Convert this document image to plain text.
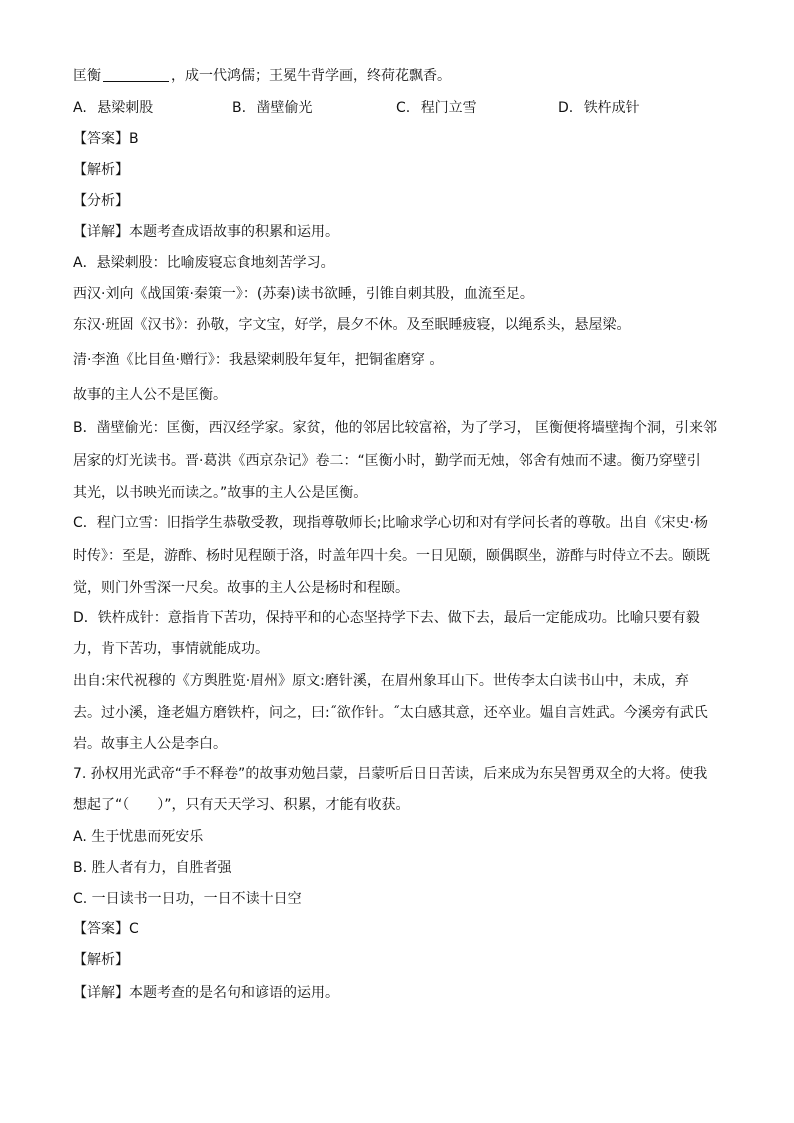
匡衡	，成一代鸿儒；王冕牛背学画，终荷花飘香。
A. 悬梁刺股	B. 凿壁偷光	C. 程门立雪	D. 铁杵成针
【答案】B
【解析】
【分析】
【详解】本题考查成语故事的积累和运用。
A．悬梁刺股：比喻废寝忘食地刻苦学习。
西汉·刘向《战国策·秦策一》：(苏秦)读书欲睡，引锥自刺其股，血流至足。
东汉·班固《汉书》：孙敬，字文宝，好学，晨夕不休。及至眠睡疲寝，以绳系头，悬屋梁。
清·李渔《比目鱼·赠行》：我悬梁刺股年复年，把铜雀磨穿 。
故事的主人公不是匡衡。
B．凿壁偷光：匡衡，西汉经学家。家贫，他的邻居比较富裕，为了学习， 匡衡便将墙壁掏个洞，引来邻
居家的灯光读书。晋·葛洪《西京杂记》卷二：“匡衡小时，勤学而无烛，邻舍有烛而不逮。衡乃穿壁引
其光，以书映光而读之。”故事的主人公是匡衡。
C．程门立雪：旧指学生恭敬受教，现指尊敬师长;比喻求学心切和对有学问长者的尊敬。出自《宋史·杨
时传》：至是，游酢、杨时见程颐于洛，时盖年四十矣。一日见颐，颐偶瞑坐，游酢与时侍立不去。颐既
觉，则门外雪深一尺矣。故事的主人公是杨时和程颐。
D．铁杵成针：意指肯下苦功，保持平和的心态坚持学下去、做下去，最后一定能成功。比喻只要有毅
力，肯下苦功，事情就能成功。
出自:宋代祝穆的《方舆胜览·眉州》原文:磨针溪，在眉州象耳山下。世传李太白读书山中，未成，弃
去。过小溪，逢老媪方磨铁杵，问之，曰:˝欲作针。˝太白感其意，还卒业。媪自言姓武。今溪旁有武氏
岩。故事主人公是李白。
7. 孙权用光武帝“手不释卷”的故事劝勉吕蒙，吕蒙听后日日苦读，后来成为东吴智勇双全的大将。使我
想起了“（　　）”，只有天天学习、积累，才能有收获。
A. 生于忧患而死安乐
B. 胜人者有力，自胜者强
C. 一日读书一日功，一日不读十日空
【答案】C
【解析】
【详解】本题考查的是名句和谚语的运用。
